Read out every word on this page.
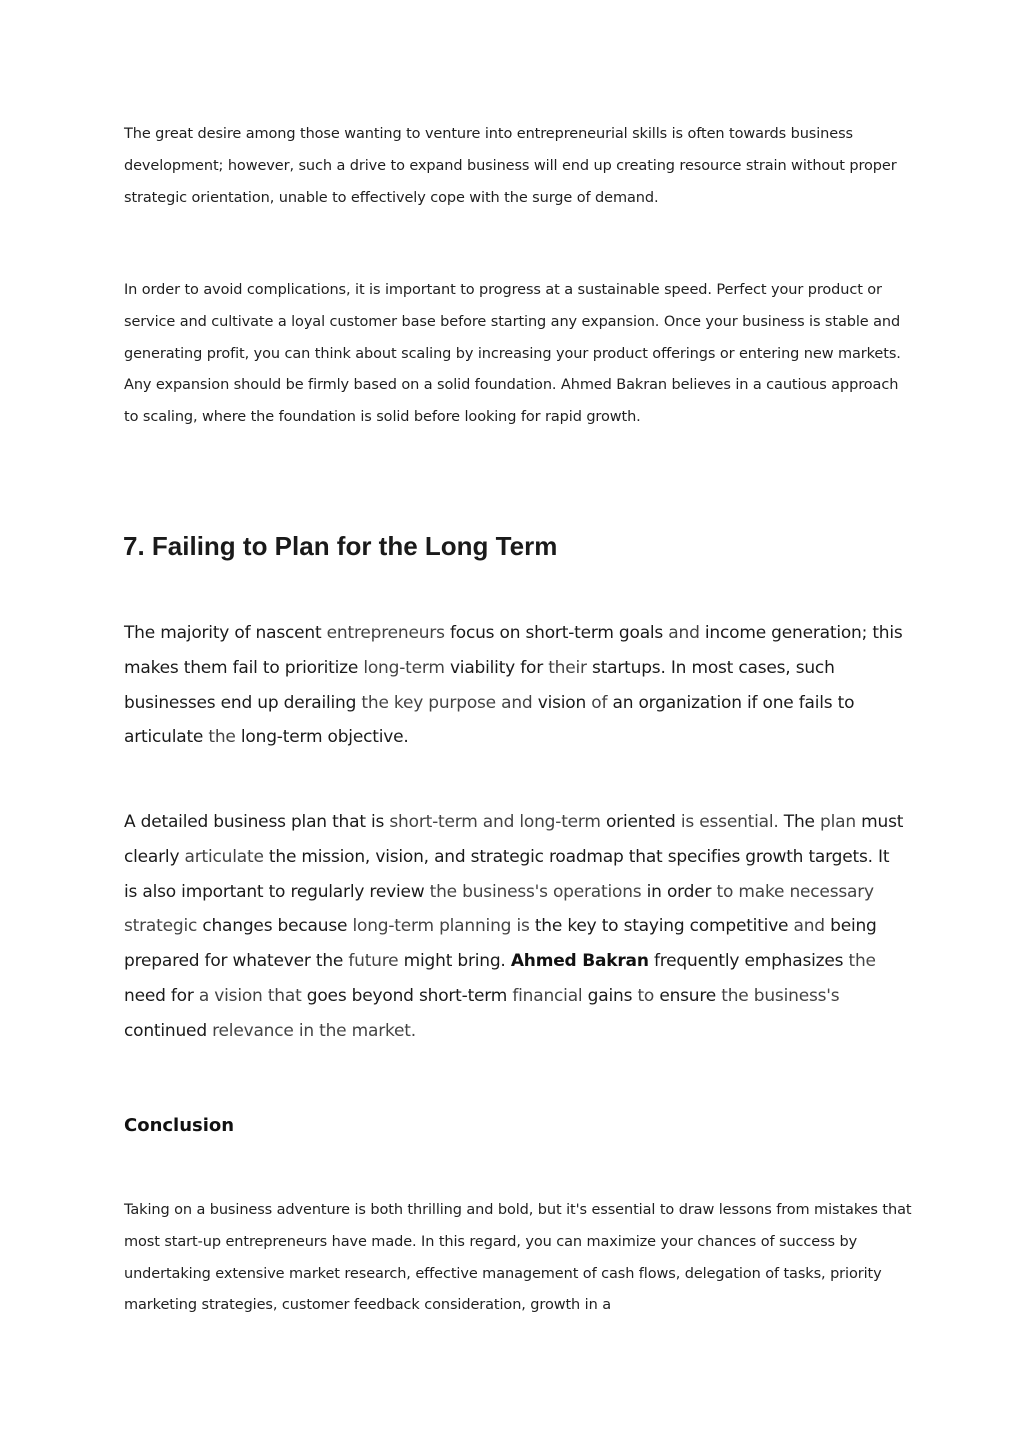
The great desire among those wanting to venture into entrepreneurial skills is often towards business development; however, such a drive to expand business will end up creating resource strain without proper strategic orientation, unable to effectively cope with the surge of demand.

In order to avoid complications, it is important to progress at a sustainable speed. Perfect your product or service and cultivate a loyal customer base before starting any expansion. Once your business is stable and generating profit, you can think about scaling by increasing your product offerings or entering new markets. Any expansion should be firmly based on a solid foundation. Ahmed Bakran believes in a cautious approach to scaling, where the foundation is solid before looking for rapid growth.

7. Failing to Plan for the Long Term

The majority of nascent entrepreneurs focus on short-term goals and income generation; this makes them fail to prioritize long-term viability for their startups. In most cases, such businesses end up derailing the key purpose and vision of an organization if one fails to articulate the long-term objective.

A detailed business plan that is short-term and long-term oriented is essential. The plan must clearly articulate the mission, vision, and strategic roadmap that specifies growth targets. It is also important to regularly review the business's operations in order to make necessary strategic changes because long-term planning is the key to staying competitive and being prepared for whatever the future might bring. Ahmed Bakran frequently emphasizes the need for a vision that goes beyond short-term financial gains to ensure the business's continued relevance in the market.

Conclusion

Taking on a business adventure is both thrilling and bold, but it's essential to draw lessons from mistakes that most start-up entrepreneurs have made. In this regard, you can maximize your chances of success by undertaking extensive market research, effective management of cash flows, delegation of tasks, priority marketing strategies, customer feedback consideration, growth in a
